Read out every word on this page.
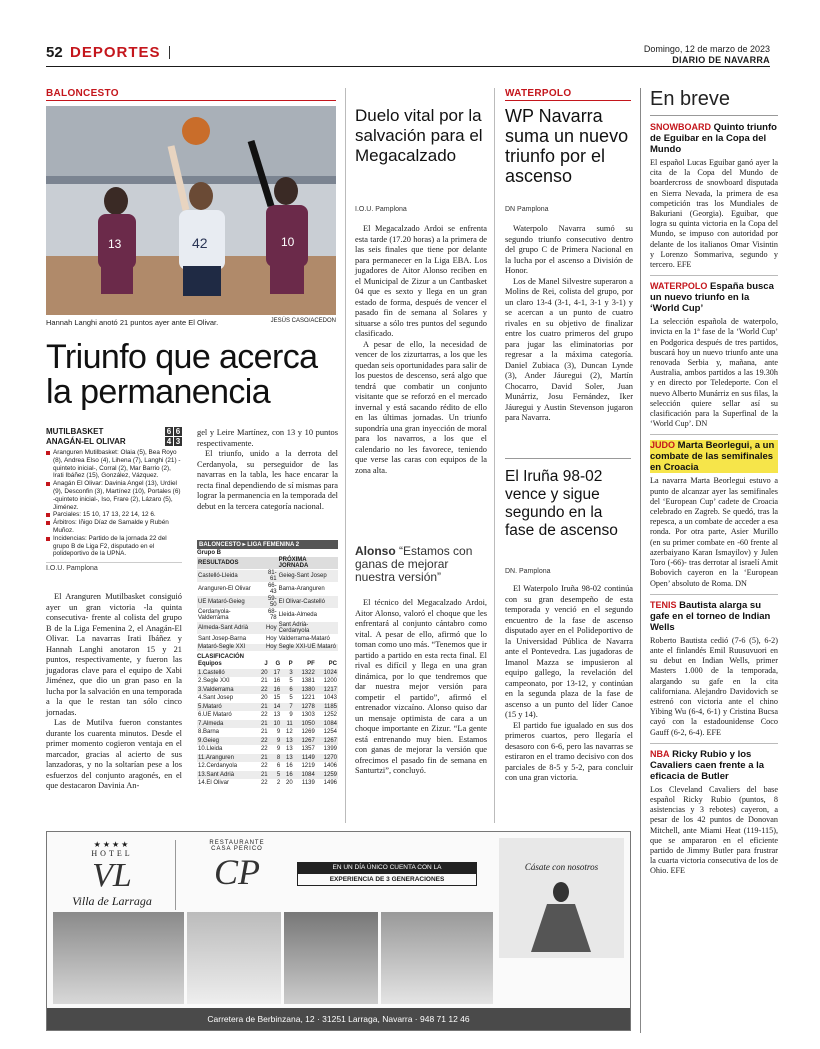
52 DEPORTES	Domingo, 12 de marzo de 2023
DIARIO DE NAVARRA
BALONCESTO
13	42	10
Hannah Langhi anotó 21 puntos ayer ante El Olivar.	JESÚS CASO/ACEDON
Triunfo que acerca la permanencia
MUTILBASKET	6 6
ANAGÁN-EL OLIVAR	4 3
Aranguren Mutilbasket: Olaia (5), Bea Royo (8), Andrea Elso (4), Lihena (7), Langhi (21) -quinteto inicial-, Corral (2), Mar Barrio (2), Irati Ibáñez (15), González, Vázquez.
Anagán El Olivar: Davinia Angel (13), Urdiel (9), Desconfin (3), Martínez (10), Portales (6) -quinteto inicial-, Iso, Frare (2), Lázaro (5), Jiménez.
Parciales: 15 10, 17 13, 22 14, 12 6.
Árbitros: Iñigo Díaz de Samalde y Rubén Muñoz.
Incidencias: Partido de la jornada 22 del grupo B de Liga F2, disputado en el polideportivo de la UPNA.
I.O.U. Pamplona

El Aranguren Mutilbasket consiguió ayer un gran victoria -la quinta consecutiva- frente al colista del grupo B de la Liga Femenina 2, el Anagán-El Olivar. La navarras Irati Ibáñez y Hannah Langhi anotaron 15 y 21 puntos, respectivamente, y fueron las jugadoras clave para el equipo de Xabi Jiménez, que dio un gran paso en la lucha por la salvación en una temporada a la que le restan tan sólo cinco jornadas.

Las de Mutilva fueron constantes durante los cuarenta minutos. Desde el primer momento cogieron ventaja en el marcador, gracias al acierto de sus lanzadoras, y no la soltarían pese a los esfuerzos del conjunto aragonés, en el que destacaron Davinia An-

gel y Leire Martínez, con 13 y 10 puntos respectivamente.

El triunfo, unido a la derrota del Cerdanyola, su perseguidor de las navarras en la tabla, les hace encarar la recta final dependiendo de sí mismas para lograr la permanencia en la temporada del debut en la tercera categoría nacional.

BALONCESTO ▸ LIGA FEMENINA 2
Grupo B
RESULTADOS		PRÓXIMA JORNADA
Castelló-Lleida	81-61	Geieg-Sant Josep
Aranguren-El Olivar	66-43	Barna-Aranguren
UE Mataró-Geieg	59-50	El Olivar-Castelló
Cerdanyola-Valderrama	68-78	Lleida-Almeda
Almeda-Sant Adrià	Hoy	Sant Adrià-Cerdanyola
Sant Josep-Barna	Hoy	Valderrama-Mataró
Mataró-Segle XXI	Hoy	Segle XXI-UE Mataró
CLASIFICACIÓN
Equipos	J	G	P	PF	PC
1.Castelló	20	17	3	1322	1024
2.Segle XXI	21	16	5	1381	1200
3.Valderrama	22	16	6	1380	1217
4.Sant Josep	20	15	5	1221	1043
5.Mataró	21	14	7	1278	1185
6.UE Mataró	22	13	9	1303	1252
7.Almeda	21	10	11	1050	1084
8.Barna	21	9	12	1269	1254
9.Geieg	22	9	13	1267	1267
10.Lleida	22	9	13	1357	1399
11.Aranguren	21	8	13	1149	1270
12.Cerdanyola	22	6	16	1219	1406
13.Sant Adrià	21	5	16	1084	1259
14.El Olivar	22	2	20	1139	1496
Duelo vital por la salvación para el Megacalzado
I.O.U. Pamplona

El Megacalzado Ardoi se enfrenta esta tarde (17.20 horas) a la primera de las seis finales que tiene por delante para permanecer en la Liga EBA. Los jugadores de Aitor Alonso reciben en el Municipal de Zizur a un Cantbasket 04 que es sexto y llega en un gran estado de forma, después de vencer el pasado fin de semana al Solares y situarse a sólo tres puntos del segundo clasificado.

A pesar de ello, la necesidad de vencer de los zizurtarras, a los que les quedan seis oportunidades para salir de los puestos de descenso, será algo que tendrá que combatir un conjunto visitante que se reforzó en el mercado invernal y está sacando rédito de ello en las últimas jornadas. Un triunfo supondría una gran inyección de moral para los navarros, a los que el calendario no les favorece, teniendo que verse las caras con equipos de la zona alta.

Alonso “Estamos con ganas de mejorar nuestra versión”

El técnico del Megacalzado Ardoi, Aitor Alonso, valoró el choque que les enfrentará al conjunto cántabro como vital. A pesar de ello, afirmó que lo toman como uno más. “Tenemos que ir partido a partido en esta recta final. El rival es difícil y llega en una gran dinámica, por lo que tendremos que dar nuestra mejor versión para competir el partido”, afirmó el entrenador vizcaíno. Alonso quiso dar un mensaje optimista de cara a un choque importante en Zizur. “La gente está entrenando muy bien. Estamos con ganas de mejorar la versión que ofrecimos el pasado fin de semana en Santurtzi”, concluyó.

WATERPOLO
WP Navarra suma un nuevo triunfo por el ascenso
DN Pamplona

Waterpolo Navarra sumó su segundo triunfo consecutivo dentro del grupo C de Primera Nacional en la lucha por el ascenso a División de Honor.

Los de Manel Silvestre superaron a Molins de Rei, colista del grupo, por un claro 13-4 (3-1, 4-1, 3-1 y 3-1) y se acercan a un punto de cuatro rivales en su objetivo de finalizar entre los cuatro primeros del grupo para jugar las eliminatorias por regresar a la máxima categoría. Daniel Zubiaca (3), Duncan Lynde (3), Ander Jáuregui (2), Martín Chocarro, David Soler, Juan Munárriz, Josu Fernández, Iker Jáuregui y Austin Stevenson jugaron para Navarra.

El Iruña 98-02 vence y sigue segundo en la fase de ascenso
DN. Pamplona

El Waterpolo Iruña 98-02 continúa con su gran desempeño de esta temporada y venció en el segundo encuentro de la fase de ascenso disputado ayer en el Polideportivo de la Universidad Pública de Navarra ante el Pontevedra. Las jugadoras de Imanol Mazza se impusieron al equipo gallego, la revelación del campeonato, por 13-12, y continúan en la segunda plaza de la fase de ascenso a un punto del líder Canoe (15 y 14).

El partido fue igualado en sus dos primeros cuartos, pero llegaría el desasoro con 6-6, pero las navarras se estiraron en el tramo decisivo con dos parciales de 8-5 y 5-2, para concluir con una gran victoria.

En breve
SNOWBOARD Quinto triunfo de Eguibar en la Copa del Mundo
El español Lucas Eguibar ganó ayer la cita de la Copa del Mundo de boardercross de snowboard disputada en Sierra Nevada, la primera de esa competición tras los Mundiales de Bakuriani (Georgia). Eguibar, que logra su quinta victoria en la Copa del Mundo, se impuso con autoridad por delante de los italianos Omar Visintin y Lorenzo Sommariva, segundo y tercero. EFE
WATERPOLO España busca un nuevo triunfo en la ‘World Cup’
La selección española de waterpolo, invicta en la 1ª fase de la ‘World Cup’ en Podgorica después de tres partidos, buscará hoy un nuevo triunfo ante una renovada Serbia y, mañana, ante Australia, ambos partidos a las 19.30h y en directo por Teledeporte. Con el nuevo Alberto Munárriz en sus filas, la selección quiere sellar así su clasificación para la Superfinal de la ‘World Cup’. DN
JUDO Marta Beorlegui, a un combate de las semifinales en Croacia
La navarra Marta Beorlegui estuvo a punto de alcanzar ayer las semifinales del ‘European Cup’ cadete de Croacia celebrado en Zagreb. Se quedó, tras la repesca, a un combate de acceder a esa ronda. Por otra parte, Asier Murillo (en su primer combate en -60 frente al azerbaiyano Karan Ismayilov) y Julen Toro (-66)- tras derrotar al israelí Amit Bobovich cayeron en la ‘European Open’ absoluto de Roma. DN
TENIS Bautista alarga su gafe en el torneo de Indian Wells
Roberto Bautista cedió (7-6 (5), 6-2) ante el finlandés Emil Ruusuvuori en su debut en Indian Wells, primer Masters 1.000 de la temporada, alargando su gafe en la cita californiana. Alejandro Davidovich se estrenó con victoria ante el chino Yibing Wu (6-4, 6-1) y Cristina Bucsa cayó con la estadounidense Coco Gauff (6-2, 6-4). EFE
NBA Ricky Rubio y los Cavaliers caen frente a la eficacia de Butler
Los Cleveland Cavaliers del base español Ricky Rubio (puntos, 8 asistencias y 3 rebotes) cayeron, a pesar de los 42 puntos de Donovan Mitchell, ante Miami Heat (119-115), que se ampararon en el eficiente partido de Jimmy Butler para frustrar la cuarta victoria consecutiva de los de Ohio. EFE
★★★★
HOTEL
VL
Villa de Larraga
RESTAURANTE
CASA PERICO
CP	EN UN DÍA ÚNICO CUENTA CON LA
EXPERIENCIA DE 3 GENERACIONES
Cásate con nosotros
Carretera de Berbinzana, 12 · 31251 Larraga, Navarra · 948 71 12 46
